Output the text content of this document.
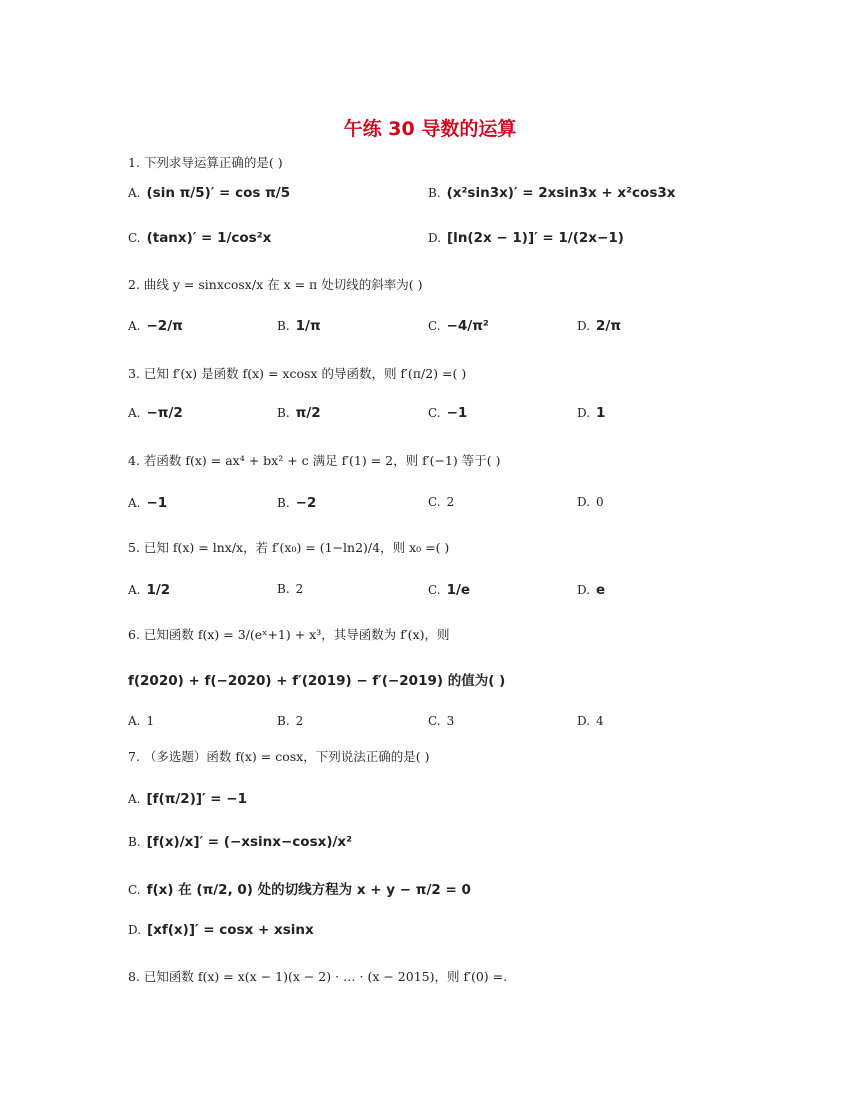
午练 30 导数的运算
1. 下列求导运算正确的是( )
A. (sin π/5)′ = cos π/5	B. (x²sin3x)′ = 2xsin3x + x²cos3x
C. (tanx)′ = 1/cos²x	D. [ln(2x − 1)]′ = 1/(2x−1)
2. 曲线 y = sinxcosx/x 在 x = π 处切线的斜率为( )
A. −2/π	B. 1/π	C. −4/π²	D. 2/π
3. 已知 f′(x) 是函数 f(x) = xcosx 的导函数，则 f′(π/2) =( )
A. −π/2	B. π/2	C. −1	D. 1
4. 若函数 f(x) = ax⁴ + bx² + c 满足 f′(1) = 2，则 f′(−1) 等于( )
A. −1	B. −2	C. 2	D. 0
5. 已知 f(x) = lnx/x，若 f′(x₀) = (1−ln2)/4，则 x₀ =( )
A. 1/2	B. 2	C. 1/e	D. e
6. 已知函数 f(x) = 3/(eˣ+1) + x³，其导函数为 f′(x)，则
f(2020) + f(−2020) + f′(2019) − f′(−2019) 的值为( )
A. 1	B. 2	C. 3	D. 4
7. （多选题）函数 f(x) = cosx，下列说法正确的是( )
A. [f(π/2)]′ = −1
B. [f(x)/x]′ = (−xsinx−cosx)/x²
C. f(x) 在 (π/2, 0) 处的切线方程为 x + y − π/2 = 0
D. [xf(x)]′ = cosx + xsinx
8. 已知函数 f(x) = x(x − 1)(x − 2) · … · (x − 2015)，则 f′(0) =.
